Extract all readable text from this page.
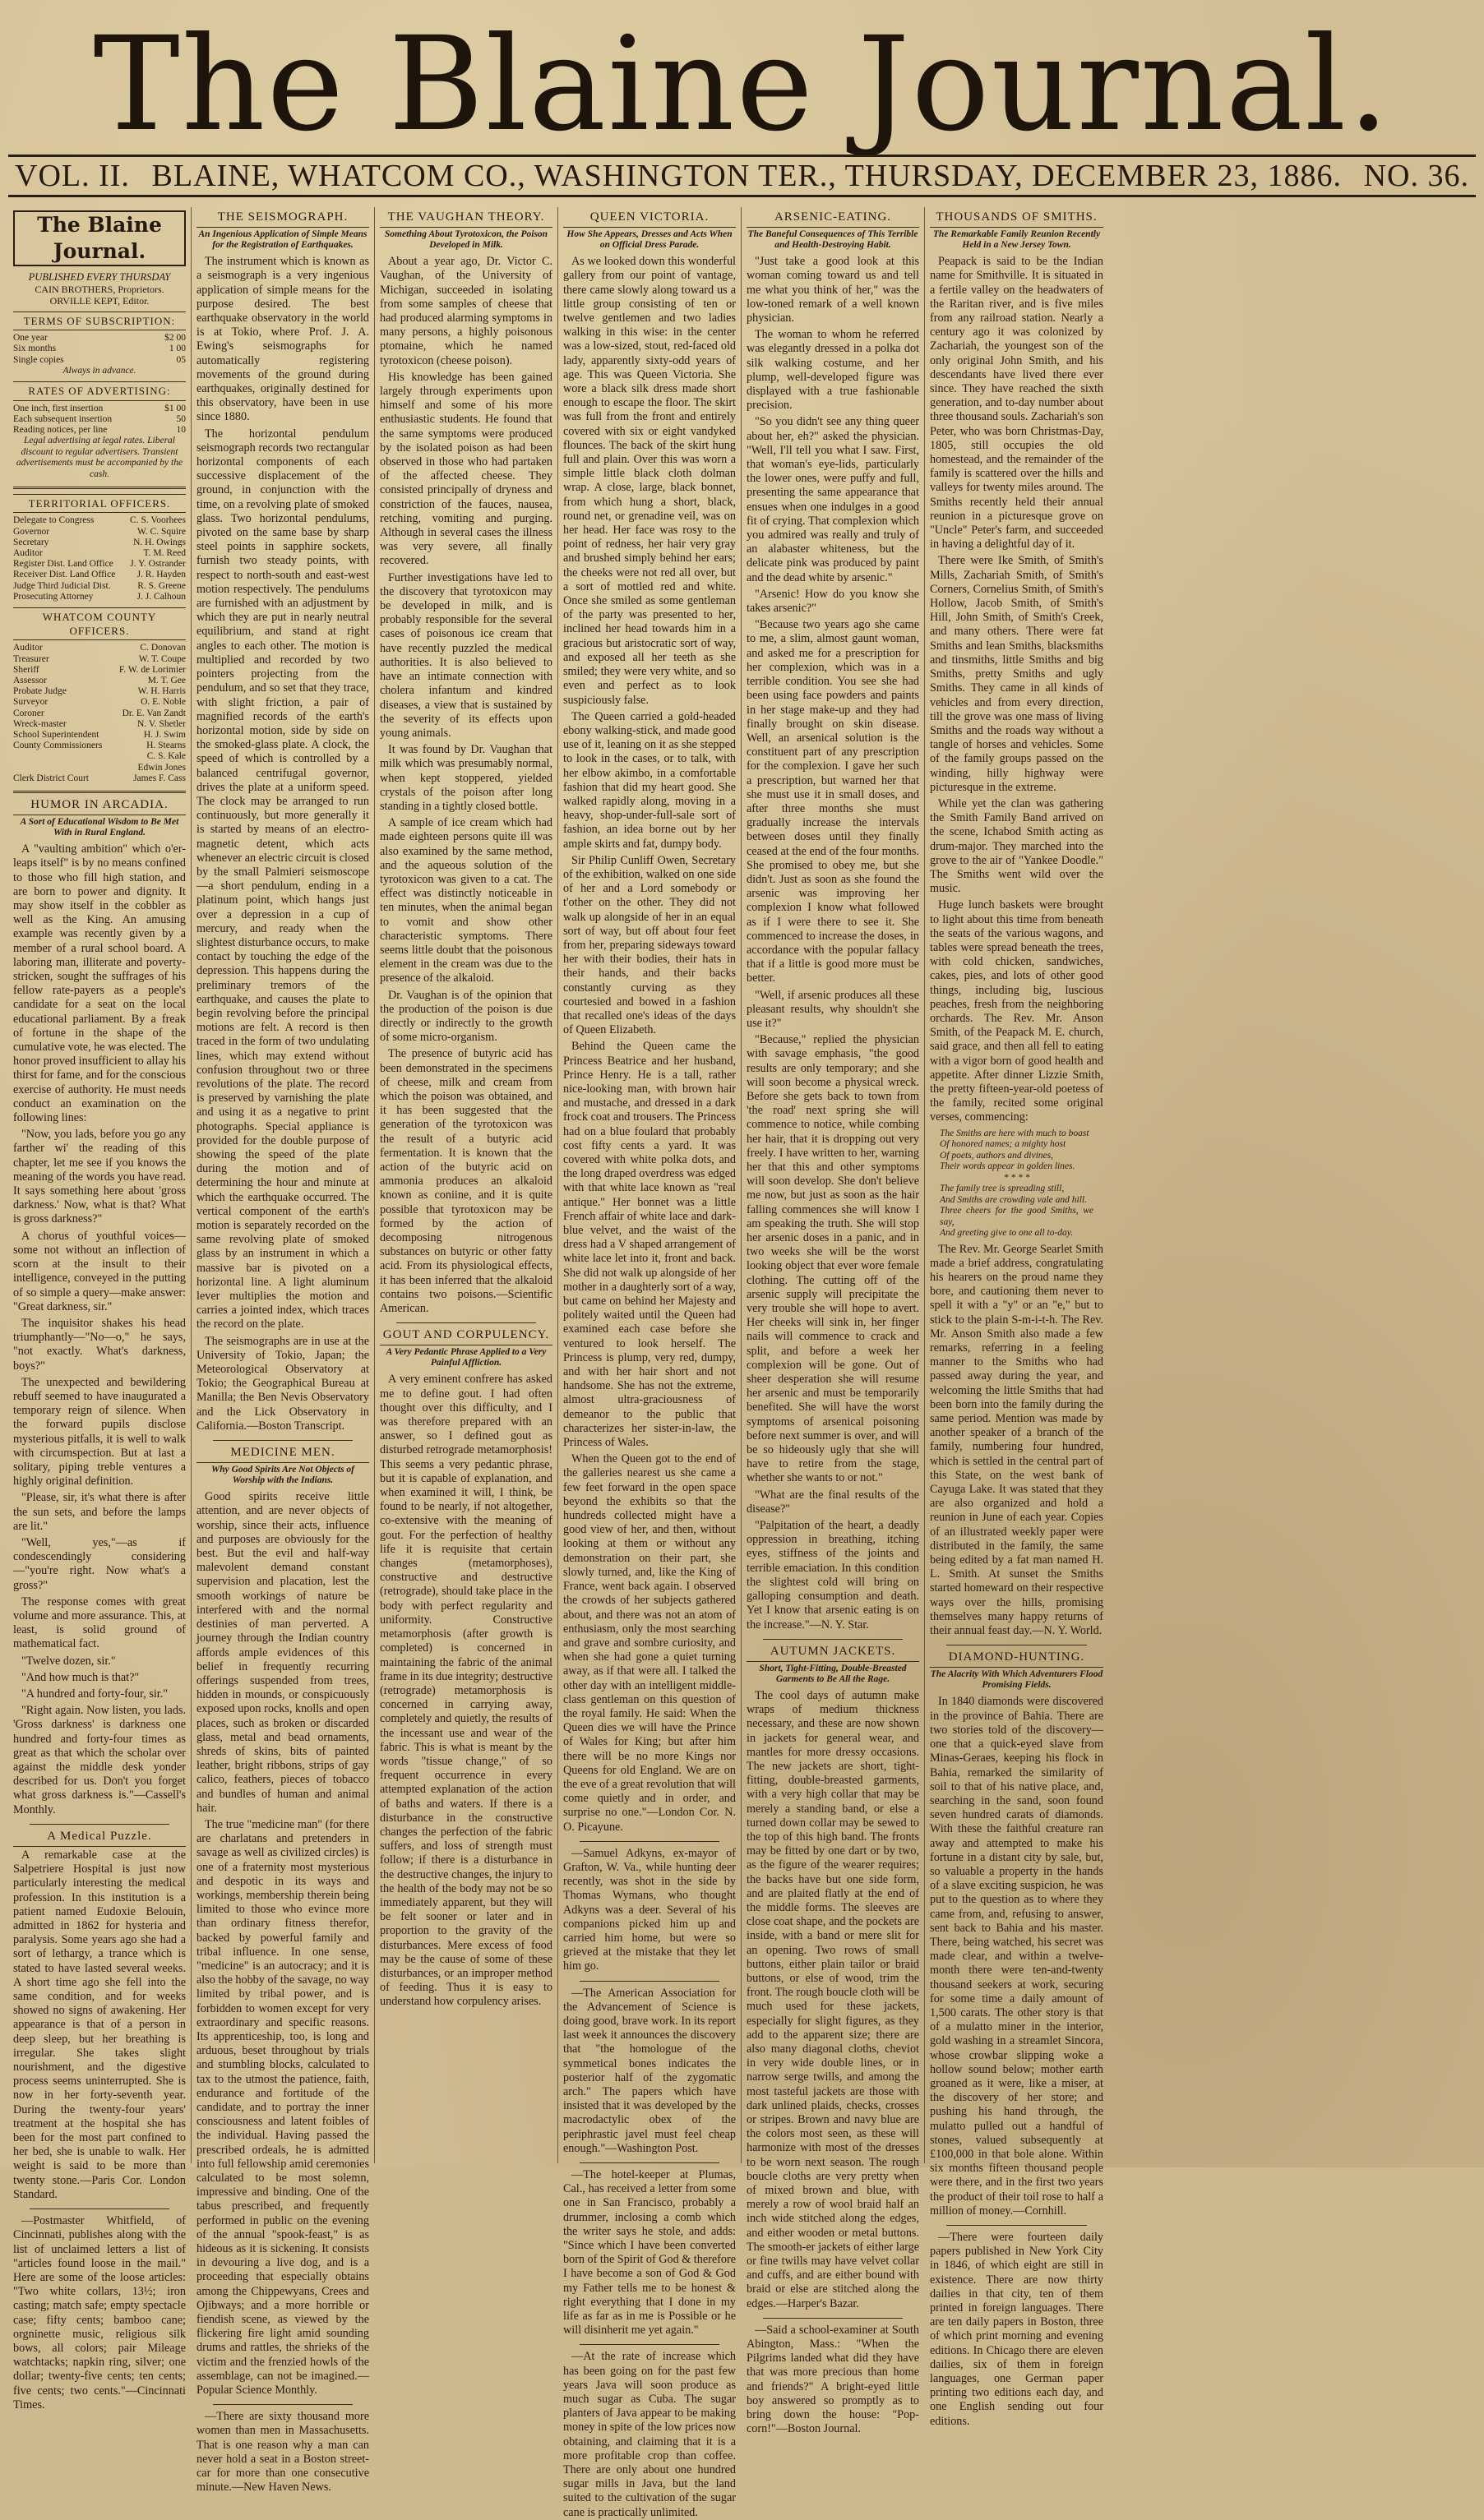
The Blaine Journal.
VOL. II. BLAINE, WHATCOM CO., WASHINGTON TER., THURSDAY, DECEMBER 23, 1886. NO. 36.
The Blaine Journal.
PUBLISHED EVERY THURSDAY
CAIN BROTHERS, Proprietors.
ORVILLE KEPT, Editor.
TERMS OF SUBSCRIPTION:
One year	$2 00
Six months	1 00
Single copies	05
Always in advance.
RATES OF ADVERTISING:
One inch, first insertion	$1 00
Each subsequent insertion	50
Reading notices, per line	10
Legal advertising at legal rates. Liberal discount to regular advertisers. Transient advertisements must be accompanied by the cash.
TERRITORIAL OFFICERS.
Delegate to Congress	C. S. Voorhees
Governor	W. C. Squire
Secretary	N. H. Owings
Auditor	T. M. Reed
Register Dist. Land Office	J. Y. Ostrander
Receiver Dist. Land Office	J. R. Hayden
Judge Third Judicial Dist.	R. S. Greene
Prosecuting Attorney	J. J. Calhoun
WHATCOM COUNTY OFFICERS.
Auditor	C. Donovan
Treasurer	W. T. Coupe
Sheriff	F. W. de Lorimier
Assessor	M. T. Gee
Probate Judge	W. H. Harris
Surveyor	O. E. Noble
Coroner	Dr. E. Van Zandt
Wreck-master	N. V. Shetler
School Superintendent	H. J. Swim
County Commissioners	H. Stearns
	C. S. Kale
	Edwin Jones
Clerk District Court	James F. Cass
HUMOR IN ARCADIA.
A Sort of Educational Wisdom to Be Met With in Rural England.

A "vaulting ambition" which o'er-leaps itself" is by no means confined to those who fill high station, and are born to power and dignity. It may show itself in the cobbler as well as the King. An amusing example was recently given by a member of a rural school board. A laboring man, illiterate and poverty-stricken, sought the suffrages of his fellow rate-payers as a people's candidate for a seat on the local educational parliament. By a freak of fortune in the shape of the cumulative vote, he was elected. The honor proved insufficient to allay his thirst for fame, and for the conscious exercise of authority. He must needs conduct an examination on the following lines:

"Now, you lads, before you go any farther wi' the reading of this chapter, let me see if you knows the meaning of the words you have read. It says something here about 'gross darkness.' Now, what is that? What is gross darkness?"

A chorus of youthful voices—some not without an inflection of scorn at the insult to their intelligence, conveyed in the putting of so simple a query—make answer: "Great darkness, sir."

The inquisitor shakes his head triumphantly—"No—o," he says, "not exactly. What's darkness, boys?"

The unexpected and bewildering rebuff seemed to have inaugurated a temporary reign of silence. When the forward pupils disclose mysterious pitfalls, it is well to walk with circumspection. But at last a solitary, piping treble ventures a highly original definition.

"Please, sir, it's what there is after the sun sets, and before the lamps are lit."

"Well, yes,"—as if condescendingly considering—"you're right. Now what's a gross?"

The response comes with great volume and more assurance. This, at least, is solid ground of mathematical fact.

"Twelve dozen, sir."

"And how much is that?"

"A hundred and forty-four, sir."

"Right again. Now listen, you lads. 'Gross darkness' is darkness one hundred and forty-four times as great as that which the scholar over against the middle desk yonder described for us. Don't you forget what gross darkness is."—Cassell's Monthly.

A Medical Puzzle.

A remarkable case at the Salpetriere Hospital is just now particularly interesting the medical profession. In this institution is a patient named Eudoxie Belouin, admitted in 1862 for hysteria and paralysis. Some years ago she had a sort of lethargy, a trance which is stated to have lasted several weeks. A short time ago she fell into the same condition, and for weeks showed no signs of awakening. Her appearance is that of a person in deep sleep, but her breathing is irregular. She takes slight nourishment, and the digestive process seems uninterrupted. She is now in her forty-seventh year. During the twenty-four years' treatment at the hospital she has been for the most part confined to her bed, she is unable to walk. Her weight is said to be more than twenty stone.—Paris Cor. London Standard.

—Postmaster Whitfield, of Cincinnati, publishes along with the list of unclaimed letters a list of "articles found loose in the mail." Here are some of the loose articles: "Two white collars, 13½; iron casting; match safe; empty spectacle case; fifty cents; bamboo cane; orgninette music, religious silk bows, all colors; pair Mileage watchtacks; napkin ring, silver; one dollar; twenty-five cents; ten cents; five cents; two cents."—Cincinnati Times.

THE SEISMOGRAPH.
An Ingenious Application of Simple Means for the Registration of Earthquakes.

The instrument which is known as a seismograph is a very ingenious application of simple means for the purpose desired. The best earthquake observatory in the world is at Tokio, where Prof. J. A. Ewing's seismographs for automatically registering movements of the ground during earthquakes, originally destined for this observatory, have been in use since 1880.

The horizontal pendulum seismograph records two rectangular horizontal components of each successive displacement of the ground, in conjunction with the time, on a revolving plate of smoked glass. Two horizontal pendulums, pivoted on the same base by sharp steel points in sapphire sockets, furnish two steady points, with respect to north-south and east-west motion respectively. The pendulums are furnished with an adjustment by which they are put in nearly neutral equilibrium, and stand at right angles to each other. The motion is multiplied and recorded by two pointers projecting from the pendulum, and so set that they trace, with slight friction, a pair of magnified records of the earth's horizontal motion, side by side on the smoked-glass plate. A clock, the speed of which is controlled by a balanced centrifugal governor, drives the plate at a uniform speed. The clock may be arranged to run continuously, but more generally it is started by means of an electro-magnetic detent, which acts whenever an electric circuit is closed by the small Palmieri seismoscope—a short pendulum, ending in a platinum point, which hangs just over a depression in a cup of mercury, and ready when the slightest disturbance occurs, to make contact by touching the edge of the depression. This happens during the preliminary tremors of the earthquake, and causes the plate to begin revolving before the principal motions are felt. A record is then traced in the form of two undulating lines, which may extend without confusion throughout two or three revolutions of the plate. The record is preserved by varnishing the plate and using it as a negative to print photographs. Special appliance is provided for the double purpose of showing the speed of the plate during the motion and of determining the hour and minute at which the earthquake occurred. The vertical component of the earth's motion is separately recorded on the same revolving plate of smoked glass by an instrument in which a massive bar is pivoted on a horizontal line. A light aluminum lever multiplies the motion and carries a jointed index, which traces the record on the plate.

The seismographs are in use at the University of Tokio, Japan; the Meteorological Observatory at Tokio; the Geographical Bureau at Manilla; the Ben Nevis Observatory and the Lick Observatory in California.—Boston Transcript.

MEDICINE MEN.
Why Good Spirits Are Not Objects of Worship with the Indians.

Good spirits receive little attention, and are never objects of worship, since their acts, influence and purposes are obviously for the best. But the evil and half-way malevolent demand constant supervision and placation, lest the smooth workings of nature be interfered with and the normal destinies of man perverted. A journey through the Indian country affords ample evidences of this belief in frequently recurring offerings suspended from trees, hidden in mounds, or conspicuously exposed upon rocks, knolls and open places, such as broken or discarded glass, metal and bead ornaments, shreds of skins, bits of painted leather, bright ribbons, strips of gay calico, feathers, pieces of tobacco and bundles of human and animal hair.

The true "medicine man" (for there are charlatans and pretenders in savage as well as civilized circles) is one of a fraternity most mysterious and despotic in its ways and workings, membership therein being limited to those who evince more than ordinary fitness therefor, backed by powerful family and tribal influence. In one sense, "medicine" is an autocracy; and it is also the hobby of the savage, no way limited by tribal power, and is forbidden to women except for very extraordinary and specific reasons. Its apprenticeship, too, is long and arduous, beset throughout by trials and stumbling blocks, calculated to tax to the utmost the patience, faith, endurance and fortitude of the candidate, and to portray the inner consciousness and latent foibles of the individual. Having passed the prescribed ordeals, he is admitted into full fellowship amid ceremonies calculated to be most solemn, impressive and binding. One of the tabus prescribed, and frequently performed in public on the evening of the annual "spook-feast," is as hideous as it is sickening. It consists in devouring a live dog, and is a proceeding that especially obtains among the Chippewyans, Crees and Ojibways; and a more horrible or fiendish scene, as viewed by the flickering fire light amid sounding drums and rattles, the shrieks of the victim and the frenzied howls of the assemblage, can not be imagined.—Popular Science Monthly.

—There are sixty thousand more women than men in Massachusetts. That is one reason why a man can never hold a seat in a Boston street-car for more than one consecutive minute.—New Haven News.

THE VAUGHAN THEORY.
Something About Tyrotoxicon, the Poison Developed in Milk.

About a year ago, Dr. Victor C. Vaughan, of the University of Michigan, succeeded in isolating from some samples of cheese that had produced alarming symptoms in many persons, a highly poisonous ptomaine, which he named tyrotoxicon (cheese poison).

His knowledge has been gained largely through experiments upon himself and some of his more enthusiastic students. He found that the same symptoms were produced by the isolated poison as had been observed in those who had partaken of the affected cheese. They consisted principally of dryness and constriction of the fauces, nausea, retching, vomiting and purging. Although in several cases the illness was very severe, all finally recovered.

Further investigations have led to the discovery that tyrotoxicon may be developed in milk, and is probably responsible for the several cases of poisonous ice cream that have recently puzzled the medical authorities. It is also believed to have an intimate connection with cholera infantum and kindred diseases, a view that is sustained by the severity of its effects upon young animals.

It was found by Dr. Vaughan that milk which was presumably normal, when kept stoppered, yielded crystals of the poison after long standing in a tightly closed bottle.

A sample of ice cream which had made eighteen persons quite ill was also examined by the same method, and the aqueous solution of the tyrotoxicon was given to a cat. The effect was distinctly noticeable in ten minutes, when the animal began to vomit and show other characteristic symptoms. There seems little doubt that the poisonous element in the cream was due to the presence of the alkaloid.

Dr. Vaughan is of the opinion that the production of the poison is due directly or indirectly to the growth of some micro-organism.

The presence of butyric acid has been demonstrated in the specimens of cheese, milk and cream from which the poison was obtained, and it has been suggested that the generation of the tyrotoxicon was the result of a butyric acid fermentation. It is known that the action of the butyric acid on ammonia produces an alkaloid known as coniine, and it is quite possible that tyrotoxicon may be formed by the action of decomposing nitrogenous substances on butyric or other fatty acid. From its physiological effects, it has been inferred that the alkaloid contains two poisons.—Scientific American.

GOUT AND CORPULENCY.
A Very Pedantic Phrase Applied to a Very Painful Affliction.

A very eminent confrere has asked me to define gout. I had often thought over this difficulty, and I was therefore prepared with an answer, so I defined gout as disturbed retrograde metamorphosis! This seems a very pedantic phrase, but it is capable of explanation, and when examined it will, I think, be found to be nearly, if not altogether, co-extensive with the meaning of gout. For the perfection of healthy life it is requisite that certain changes (metamorphoses), constructive and destructive (retrograde), should take place in the body with perfect regularity and uniformity. Constructive metamorphosis (after growth is completed) is concerned in maintaining the fabric of the animal frame in its due integrity; destructive (retrograde) metamorphosis is concerned in carrying away, completely and quietly, the results of the incessant use and wear of the fabric. This is what is meant by the words "tissue change," of so frequent occurrence in every attempted explanation of the action of baths and waters. If there is a disturbance in the constructive changes the perfection of the fabric suffers, and loss of strength must follow; if there is a disturbance in the destructive changes, the injury to the health of the body may not be so immediately apparent, but they will be felt sooner or later and in proportion to the gravity of the disturbances. Mere excess of food may be the cause of some of these disturbances, or an improper method of feeding. Thus it is easy to understand how corpulency arises.

QUEEN VICTORIA.
How She Appears, Dresses and Acts When on Official Dress Parade.

As we looked down this wonderful gallery from our point of vantage, there came slowly along toward us a little group consisting of ten or twelve gentlemen and two ladies walking in this wise: in the center was a low-sized, stout, red-faced old lady, apparently sixty-odd years of age. This was Queen Victoria. She wore a black silk dress made short enough to escape the floor. The skirt was full from the front and entirely covered with six or eight vandyked flounces. The back of the skirt hung full and plain. Over this was worn a simple little black cloth dolman wrap. A close, large, black bonnet, from which hung a short, black, round net, or grenadine veil, was on her head. Her face was rosy to the point of redness, her hair very gray and brushed simply behind her ears; the cheeks were not red all over, but a sort of mottled red and white. Once she smiled as some gentleman of the party was presented to her, inclined her head towards him in a gracious but aristocratic sort of way, and exposed all her teeth as she smiled; they were very white, and so even and perfect as to look suspiciously false.

The Queen carried a gold-headed ebony walking-stick, and made good use of it, leaning on it as she stepped to look in the cases, or to talk, with her elbow akimbo, in a comfortable fashion that did my heart good. She walked rapidly along, moving in a heavy, shop-under-full-sale sort of fashion, an idea borne out by her ample skirts and fat, dumpy body.

Sir Philip Cunliff Owen, Secretary of the exhibition, walked on one side of her and a Lord somebody or t'other on the other. They did not walk up alongside of her in an equal sort of way, but off about four feet from her, preparing sideways toward her with their bodies, their hats in their hands, and their backs constantly curving as they courtesied and bowed in a fashion that recalled one's ideas of the days of Queen Elizabeth.

Behind the Queen came the Princess Beatrice and her husband, Prince Henry. He is a tall, rather nice-looking man, with brown hair and mustache, and dressed in a dark frock coat and trousers. The Princess had on a blue foulard that probably cost fifty cents a yard. It was covered with white polka dots, and the long draped overdress was edged with that white lace known as "real antique." Her bonnet was a little French affair of white lace and dark-blue velvet, and the waist of the dress had a V shaped arrangement of white lace let into it, front and back. She did not walk up alongside of her mother in a daughterly sort of a way, but came on behind her Majesty and politely waited until the Queen had examined each case before she ventured to look herself. The Princess is plump, very red, dumpy, and with her hair short and not handsome. She has not the extreme, almost ultra-graciousness of demeanor to the public that characterizes her sister-in-law, the Princess of Wales.

When the Queen got to the end of the galleries nearest us she came a few feet forward in the open space beyond the exhibits so that the hundreds collected might have a good view of her, and then, without looking at them or without any demonstration on their part, she slowly turned, and, like the King of France, went back again. I observed the crowds of her subjects gathered about, and there was not an atom of enthusiasm, only the most searching and grave and sombre curiosity, and when she had gone a quiet turning away, as if that were all. I talked the other day with an intelligent middle-class gentleman on this question of the royal family. He said: When the Queen dies we will have the Prince of Wales for King; but after him there will be no more Kings nor Queens for old England. We are on the eve of a great revolution that will come quietly and in order, and surprise no one."—London Cor. N. O. Picayune.

—Samuel Adkyns, ex-mayor of Grafton, W. Va., while hunting deer recently, was shot in the side by Thomas Wymans, who thought Adkyns was a deer. Several of his companions picked him up and carried him home, but were so grieved at the mistake that they let him go.

—The American Association for the Advancement of Science is doing good, brave work. In its report last week it announces the discovery that "the homologue of the symmetical bones indicates the posterior half of the zygomatic arch." The papers which have insisted that it was developed by the macrodactylic obex of the periphrastic javel must feel cheap enough."—Washington Post.

—The hotel-keeper at Plumas, Cal., has received a letter from some one in San Francisco, probably a drummer, inclosing a comb which the writer says he stole, and adds: "Since which I have been converted born of the Spirit of God & therefore I have become a son of God & God my Father tells me to be honest & right everything that I done in my life as far as in me is Possible or he will disinherit me yet again."

—At the rate of increase which has been going on for the past few years Java will soon produce as much sugar as Cuba. The sugar planters of Java appear to be making money in spite of the low prices now obtaining, and claiming that it is a more profitable crop than coffee. There are only about one hundred sugar mills in Java, but the land suited to the cultivation of the sugar cane is practically unlimited.

ARSENIC-EATING.
The Baneful Consequences of This Terrible and Health-Destroying Habit.

"Just take a good look at this woman coming toward us and tell me what you think of her," was the low-toned remark of a well known physician.

The woman to whom he referred was elegantly dressed in a polka dot silk walking costume, and her plump, well-developed figure was displayed with a true fashionable precision.

"So you didn't see any thing queer about her, eh?" asked the physician. "Well, I'll tell you what I saw. First, that woman's eye-lids, particularly the lower ones, were puffy and full, presenting the same appearance that ensues when one indulges in a good fit of crying. That complexion which you admired was really and truly of an alabaster whiteness, but the delicate pink was produced by paint and the dead white by arsenic."

"Arsenic! How do you know she takes arsenic?"

"Because two years ago she came to me, a slim, almost gaunt woman, and asked me for a prescription for her complexion, which was in a terrible condition. You see she had been using face powders and paints in her stage make-up and they had finally brought on skin disease. Well, an arsenical solution is the constituent part of any prescription for the complexion. I gave her such a prescription, but warned her that she must use it in small doses, and after three months she must gradually increase the intervals between doses until they finally ceased at the end of the four months. She promised to obey me, but she didn't. Just as soon as she found the arsenic was improving her complexion I know what followed as if I were there to see it. She commenced to increase the doses, in accordance with the popular fallacy that if a little is good more must be better.

"Well, if arsenic produces all these pleasant results, why shouldn't she use it?"

"Because," replied the physician with savage emphasis, "the good results are only temporary; and she will soon become a physical wreck. Before she gets back to town from 'the road' next spring she will commence to notice, while combing her hair, that it is dropping out very freely. I have written to her, warning her that this and other symptoms will soon develop. She don't believe me now, but just as soon as the hair falling commences she will know I am speaking the truth. She will stop her arsenic doses in a panic, and in two weeks she will be the worst looking object that ever wore female clothing. The cutting off of the arsenic supply will precipitate the very trouble she will hope to avert. Her cheeks will sink in, her finger nails will commence to crack and split, and before a week her complexion will be gone. Out of sheer desperation she will resume her arsenic and must be temporarily benefited. She will have the worst symptoms of arsenical poisoning before next summer is over, and will be so hideously ugly that she will have to retire from the stage, whether she wants to or not."

"What are the final results of the disease?"

"Palpitation of the heart, a deadly oppression in breathing, itching eyes, stiffness of the joints and terrible emaciation. In this condition the slightest cold will bring on galloping consumption and death. Yet I know that arsenic eating is on the increase."—N. Y. Star.

AUTUMN JACKETS.
Short, Tight-Fitting, Double-Breasted Garments to Be All the Rage.

The cool days of autumn make wraps of medium thickness necessary, and these are now shown in jackets for general wear, and mantles for more dressy occasions. The new jackets are short, tight-fitting, double-breasted garments, with a very high collar that may be merely a standing band, or else a turned down collar may be sewed to the top of this high band. The fronts may be fitted by one dart or by two, as the figure of the wearer requires; the backs have but one side form, and are plaited flatly at the end of the middle forms. The sleeves are close coat shape, and the pockets are inside, with a band or mere slit for an opening. Two rows of small buttons, either plain tailor or braid buttons, or else of wood, trim the front. The rough boucle cloth will be much used for these jackets, especially for slight figures, as they add to the apparent size; there are also many diagonal cloths, cheviot in very wide double lines, or in narrow serge twills, and among the most tasteful jackets are those with dark unlined plaids, checks, crosses or stripes. Brown and navy blue are the colors most seen, as these will harmonize with most of the dresses to be worn next season. The rough boucle cloths are very pretty when of mixed brown and blue, with merely a row of wool braid half an inch wide stitched along the edges, and either wooden or metal buttons. The smooth-er jackets of either large or fine twills may have velvet collar and cuffs, and are either bound with braid or else are stitched along the edges.—Harper's Bazar.

—Said a school-examiner at South Abington, Mass.: "When the Pilgrims landed what did they have that was more precious than home and friends?" A bright-eyed little boy answered so promptly as to bring down the house: "Pop-corn!"—Boston Journal.

THOUSANDS OF SMITHS.
The Remarkable Family Reunion Recently Held in a New Jersey Town.

Peapack is said to be the Indian name for Smithville. It is situated in a fertile valley on the headwaters of the Raritan river, and is five miles from any railroad station. Nearly a century ago it was colonized by Zachariah, the youngest son of the only original John Smith, and his descendants have lived there ever since. They have reached the sixth generation, and to-day number about three thousand souls. Zachariah's son Peter, who was born Christmas-Day, 1805, still occupies the old homestead, and the remainder of the family is scattered over the hills and valleys for twenty miles around. The Smiths recently held their annual reunion in a picturesque grove on "Uncle" Peter's farm, and succeeded in having a delightful day of it.

There were Ike Smith, of Smith's Mills, Zachariah Smith, of Smith's Corners, Cornelius Smith, of Smith's Hollow, Jacob Smith, of Smith's Hill, John Smith, of Smith's Creek, and many others. There were fat Smiths and lean Smiths, blacksmiths and tinsmiths, little Smiths and big Smiths, pretty Smiths and ugly Smiths. They came in all kinds of vehicles and from every direction, till the grove was one mass of living Smiths and the roads way without a tangle of horses and vehicles. Some of the family groups passed on the winding, hilly highway were picturesque in the extreme.

While yet the clan was gathering the Smith Family Band arrived on the scene, Ichabod Smith acting as drum-major. They marched into the grove to the air of "Yankee Doodle." The Smiths went wild over the music.

Huge lunch baskets were brought to light about this time from beneath the seats of the various wagons, and tables were spread beneath the trees, with cold chicken, sandwiches, cakes, pies, and lots of other good things, including big, luscious peaches, fresh from the neighboring orchards. The Rev. Mr. Anson Smith, of the Peapack M. E. church, said grace, and then all fell to eating with a vigor born of good health and appetite. After dinner Lizzie Smith, the pretty fifteen-year-old poetess of the family, recited some original verses, commencing:

The Smiths are here with much to boast
Of honored names; a mighty host
Of poets, authors and divines,
Their words appear in golden lines.
* * * *
The family tree is spreading still,
And Smiths are crowding vale and hill.
Three cheers for the good Smiths, we say,
And greeting give to one all to-day.

The Rev. Mr. George Searlet Smith made a brief address, congratulating his hearers on the proud name they bore, and cautioning them never to spell it with a "y" or an "e," but to stick to the plain S-m-i-t-h. The Rev. Mr. Anson Smith also made a few remarks, referring in a feeling manner to the Smiths who had passed away during the year, and welcoming the little Smiths that had been born into the family during the same period. Mention was made by another speaker of a branch of the family, numbering four hundred, which is settled in the central part of this State, on the west bank of Cayuga Lake. It was stated that they are also organized and hold a reunion in June of each year. Copies of an illustrated weekly paper were distributed in the family, the same being edited by a fat man named H. L. Smith. At sunset the Smiths started homeward on their respective ways over the hills, promising themselves many happy returns of their annual feast day.—N. Y. World.

DIAMOND-HUNTING.
The Alacrity With Which Adventurers Flood Promising Fields.

In 1840 diamonds were discovered in the province of Bahia. There are two stories told of the discovery—one that a quick-eyed slave from Minas-Geraes, keeping his flock in Bahia, remarked the similarity of soil to that of his native place, and, searching in the sand, soon found seven hundred carats of diamonds. With these the faithful creature ran away and attempted to make his fortune in a distant city by sale, but, so valuable a property in the hands of a slave exciting suspicion, he was put to the question as to where they came from, and, refusing to answer, sent back to Bahia and his master. There, being watched, his secret was made clear, and within a twelve-month there were ten-and-twenty thousand seekers at work, securing for some time a daily amount of 1,500 carats. The other story is that of a mulatto miner in the interior, gold washing in a streamlet Sincora, whose crowbar slipping woke a hollow sound below; mother earth groaned as it were, like a miser, at the discovery of her store; and pushing his hand through, the mulatto pulled out a handful of stones, valued subsequently at £100,000 in that bole alone. Within six months fifteen thousand people were there, and in the first two years the product of their toil rose to half a million of money.—Cornhill.

—There were fourteen daily papers published in New York City in 1846, of which eight are still in existence. There are now thirty dailies in that city, ten of them printed in foreign languages. There are ten daily papers in Boston, three of which print morning and evening editions. In Chicago there are eleven dailies, six of them in foreign languages, one German paper printing two editions each day, and one English sending out four editions.
